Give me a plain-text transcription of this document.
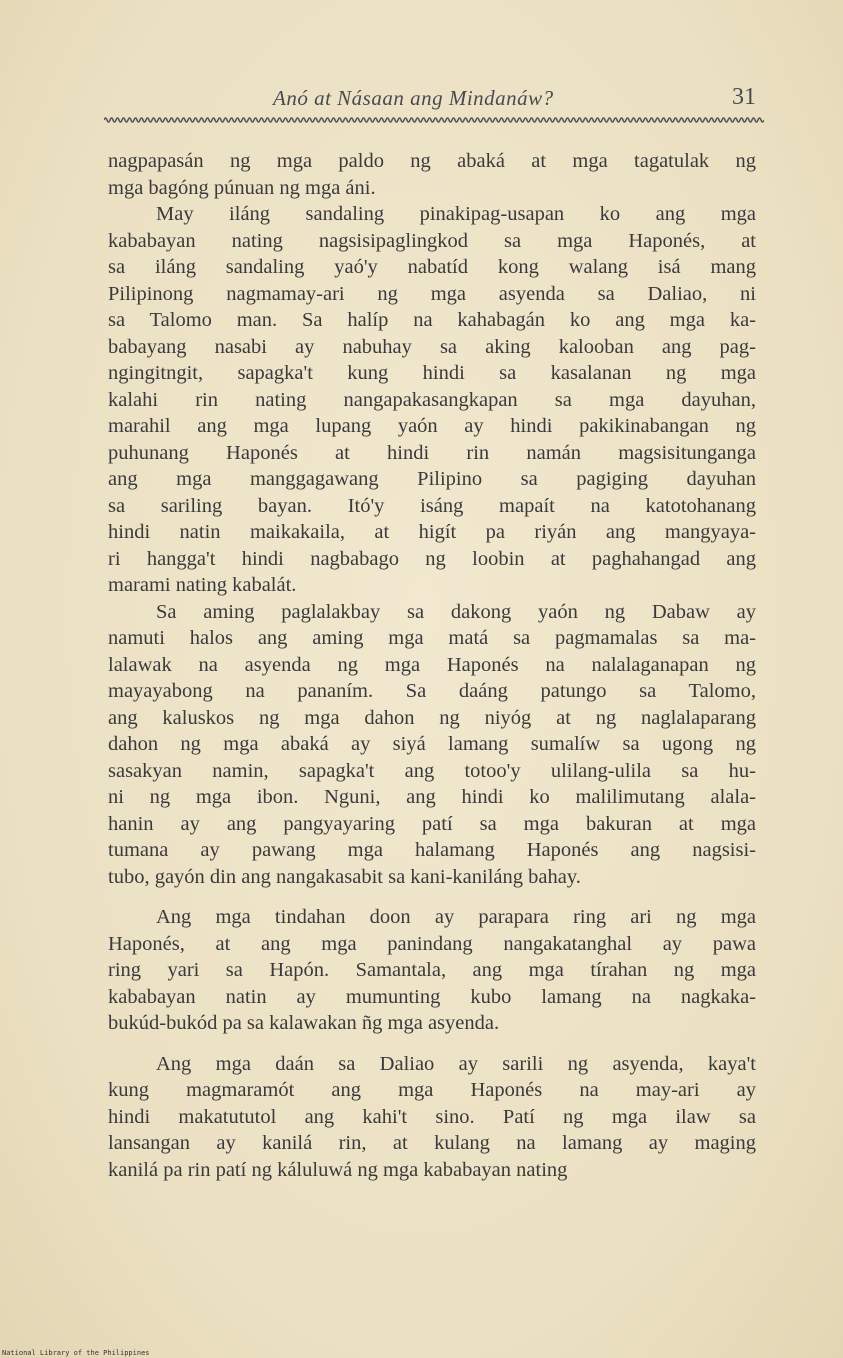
Anó at Násaan ang Mindanáw?	31
nagpapasán ng mga paldo ng abaká at mga tagatulak ng
mga bagóng púnuan ng mga áni.
May iláng sandaling pinakipag-usapan ko ang mga
kababayan nating nagsisipaglingkod sa mga Haponés, at
sa iláng sandaling yaó'y nabatíd kong walang isá mang
Pilipinong nagmamay-ari ng mga asyenda sa Daliao, ni
sa Talomo man. Sa halíp na kahabagán ko ang mga ka-
babayang nasabi ay nabuhay sa aking kalooban ang pag-
ngingitngit, sapagka't kung hindi sa kasalanan ng mga
kalahi rin nating nangapakasangkapan sa mga dayuhan,
marahil ang mga lupang yaón ay hindi pakikinabangan ng
puhunang Haponés at hindi rin namán magsisitunganga
ang mga manggagawang Pilipino sa pagiging dayuhan
sa sariling bayan. Itó'y isáng mapaít na katotohanang
hindi natin maikakaila, at higít pa riyán ang mangyaya-
ri hangga't hindi nagbabago ng loobin at paghahangad ang
marami nating kabalát.
Sa aming paglalakbay sa dakong yaón ng Dabaw ay
namuti halos ang aming mga matá sa pagmamalas sa ma-
lalawak na asyenda ng mga Haponés na nalalaganapan ng
mayayabong na pananím. Sa daáng patungo sa Talomo,
ang kaluskos ng mga dahon ng niyóg at ng naglalaparang
dahon ng mga abaká ay siyá lamang sumalíw sa ugong ng
sasakyan namin, sapagka't ang totoo'y ulilang-ulila sa hu-
ni ng mga ibon. Nguni, ang hindi ko malilimutang alala-
hanin ay ang pangyayaring patí sa mga bakuran at mga
tumana ay pawang mga halamang Haponés ang nagsisi-
tubo, gayón din ang nangakasabit sa kani-kaniláng bahay.
Ang mga tindahan doon ay parapara ring ari ng mga
Haponés, at ang mga panindang nangakatanghal ay pawa
ring yari sa Hapón. Samantala, ang mga tírahan ng mga
kababayan natin ay mumunting kubo lamang na nagkaka-
bukúd-bukód pa sa kalawakan ñg mga asyenda.
Ang mga daán sa Daliao ay sarili ng asyenda, kaya't
kung magmaramót ang mga Haponés na may-ari ay
hindi makatututol ang kahi't sino. Patí ng mga ilaw sa
lansangan ay kanilá rin, at kulang na lamang ay maging
kanilá pa rin patí ng káluluwá ng mga kababayan nating
National Library of the Philippines
